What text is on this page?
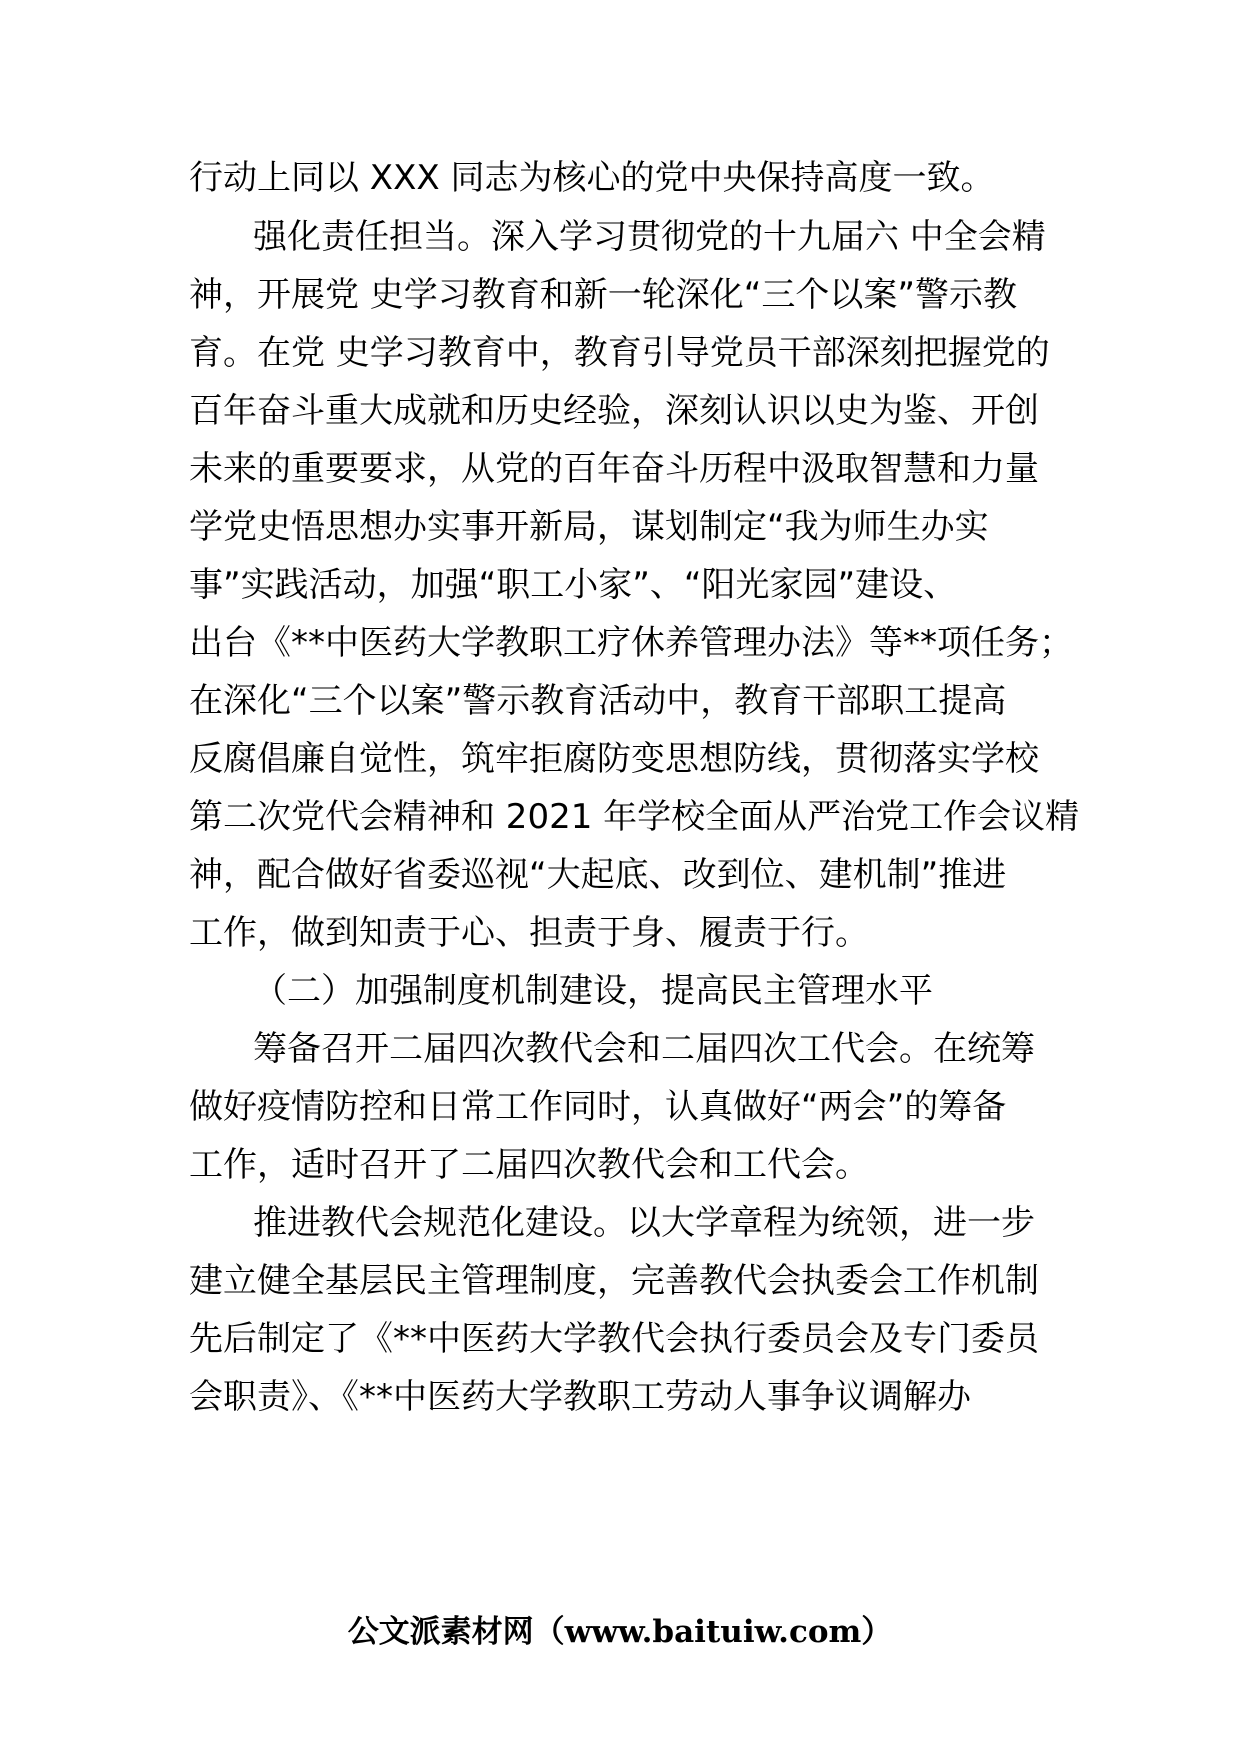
行动上同以 XXX 同志为核心的党中央保持高度一致。
强化责任担当。深入学习贯彻党的十九届六 中全会精
神，开展党 史学习教育和新一轮深化“三个以案”警示教
育。在党 史学习教育中，教育引导党员干部深刻把握党的
百年奋斗重大成就和历史经验，深刻认识以史为鉴、开创
未来的重要要求，从党的百年奋斗历程中汲取智慧和力量
学党史悟思想办实事开新局，谋划制定“我为师生办实
事”实践活动，加强“职工小家”、“阳光家园”建设、
出台《**中医药大学教职工疗休养管理办法》等**项任务；
在深化“三个以案”警示教育活动中，教育干部职工提高
反腐倡廉自觉性，筑牢拒腐防变思想防线，贯彻落实学校
第二次党代会精神和 2021 年学校全面从严治党工作会议精
神，配合做好省委巡视“大起底、改到位、建机制”推进
工作，做到知责于心、担责于身、履责于行。
（二）加强制度机制建设，提高民主管理水平
筹备召开二届四次教代会和二届四次工代会。在统筹
做好疫情防控和日常工作同时，认真做好“两会”的筹备
工作，适时召开了二届四次教代会和工代会。
推进教代会规范化建设。以大学章程为统领，进一步
建立健全基层民主管理制度，完善教代会执委会工作机制
先后制定了《**中医药大学教代会执行委员会及专门委员
会职责》、《**中医药大学教职工劳动人事争议调解办
公文派素材网（www.baituiw.com）
